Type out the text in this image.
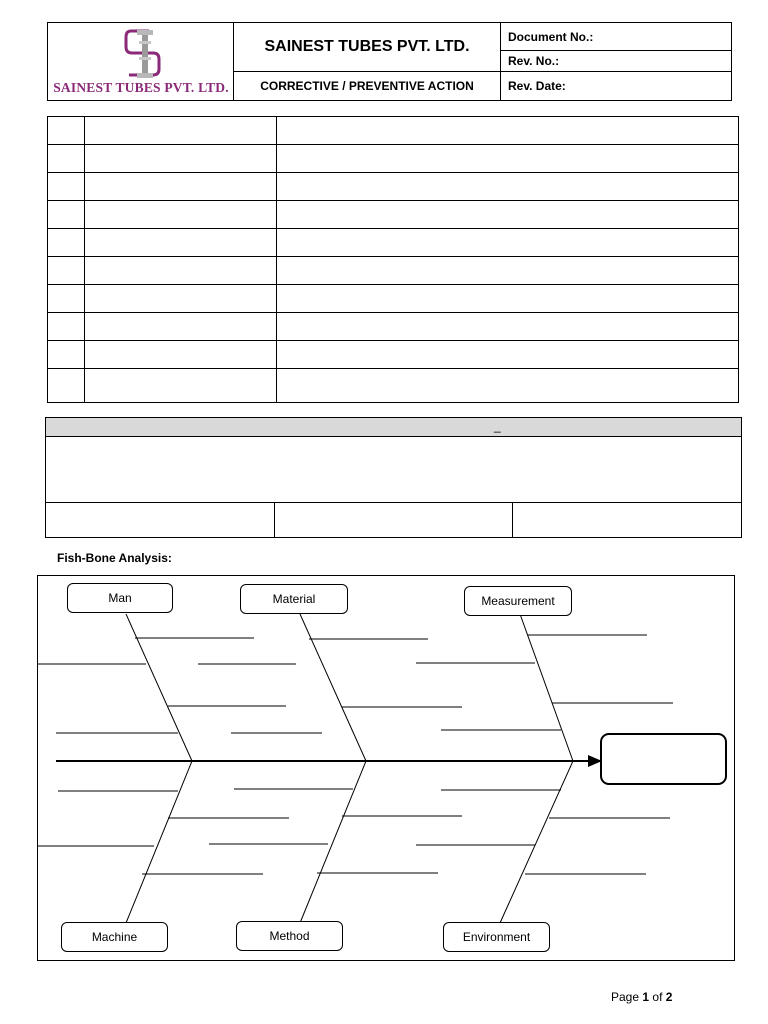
SAINEST TUBES PVT. LTD.
SAINEST TUBES PVT. LTD.
CORRECTIVE / PREVENTIVE ACTION
Document No.:
Rev. No.:
Rev. Date:
_
Fish-Bone Analysis:
Man	Material	Measurement
Machine	Method	Environment
Page 1 of 2
